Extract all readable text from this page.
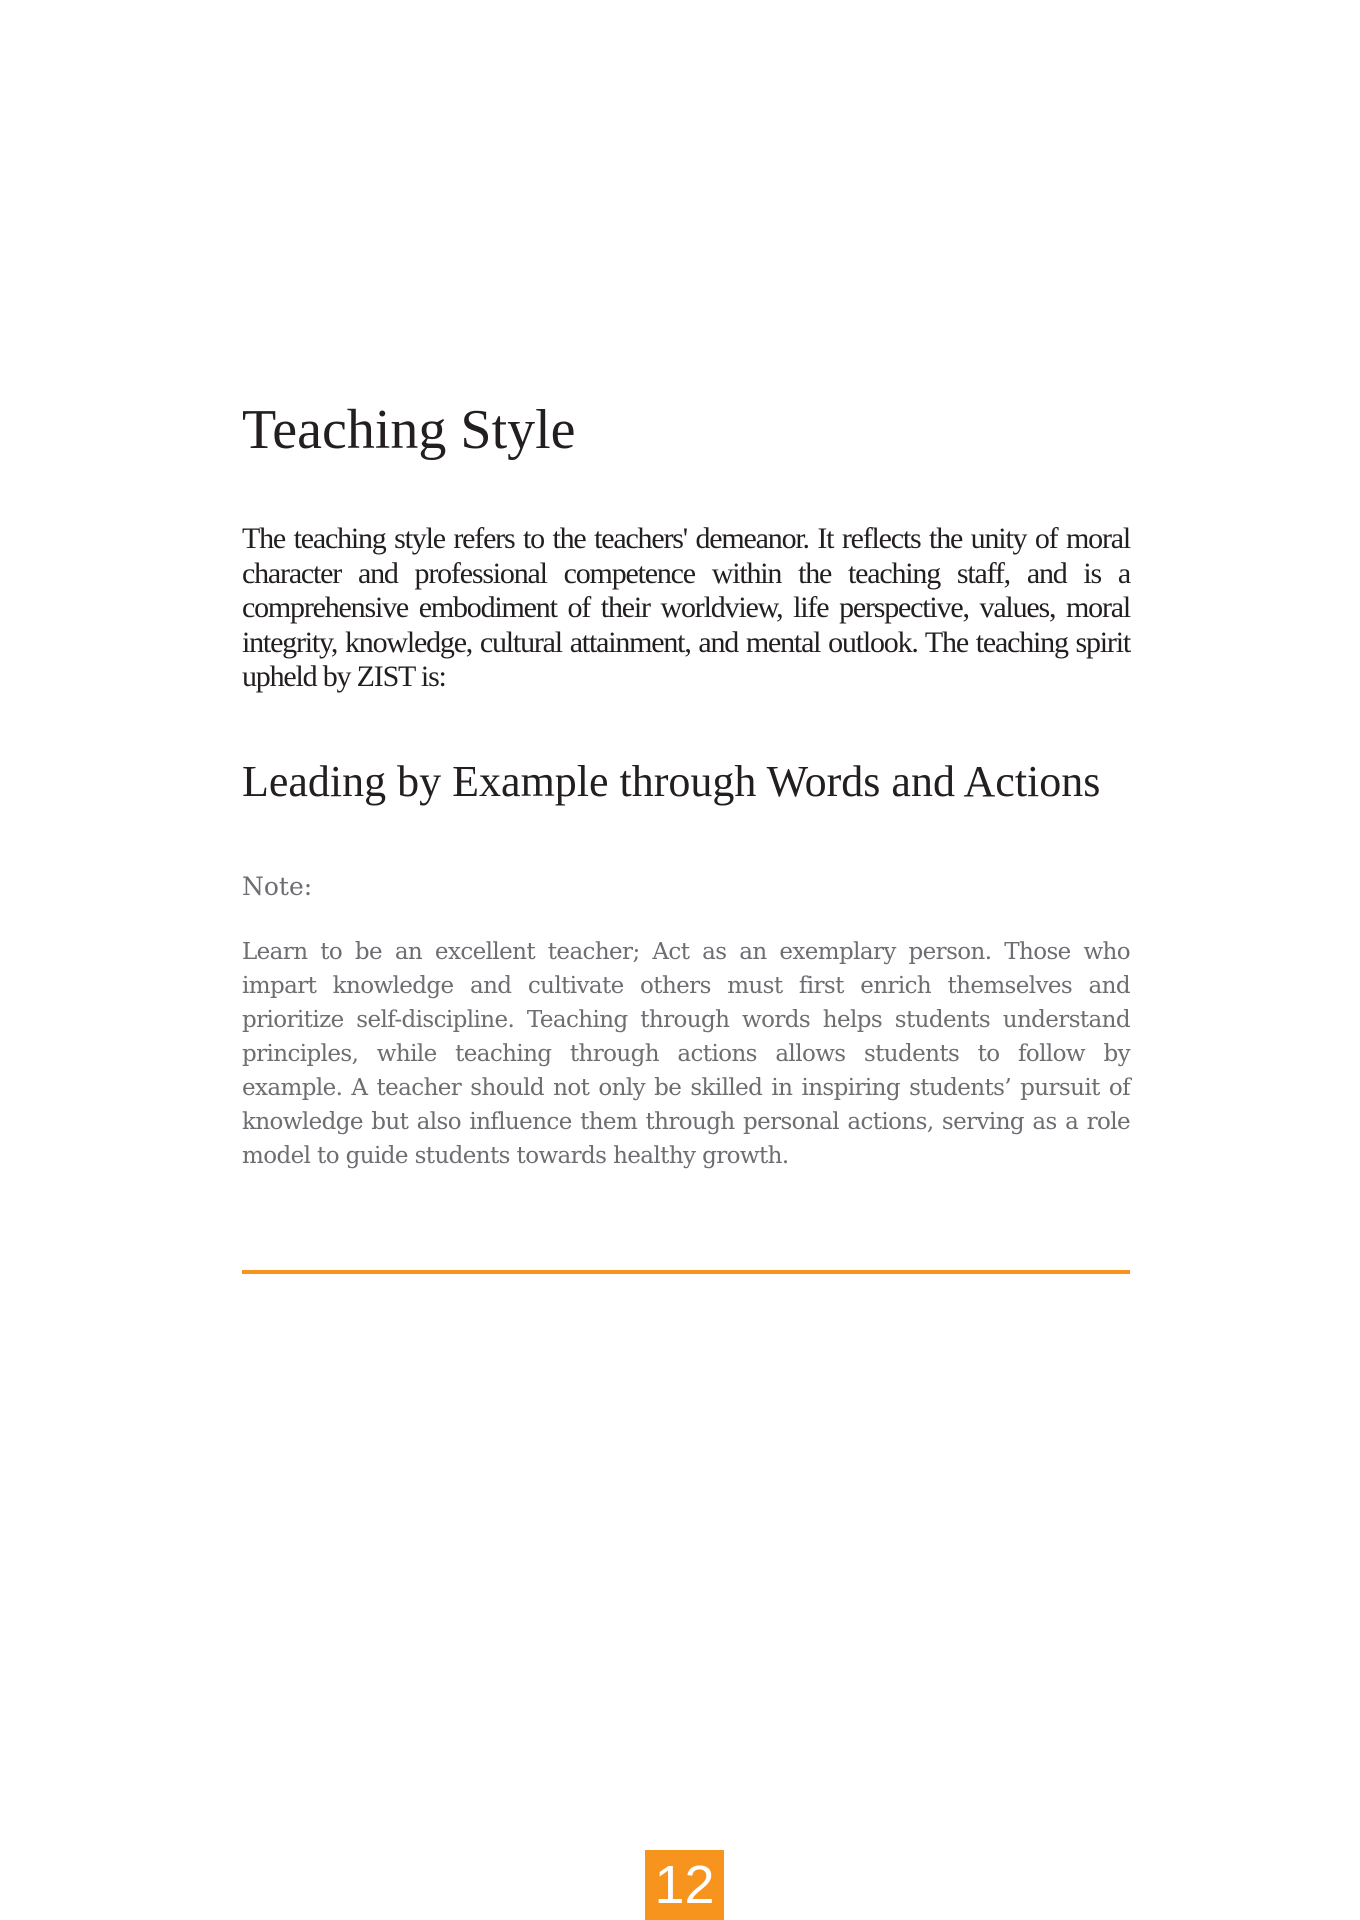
Teaching Style

The teaching style refers to the teachers' demeanor. It reflects the unity of moral character and professional competence within the teaching staff, and is a comprehensive embodiment of their worldview, life perspective, values, moral integrity, knowledge, cultural attainment, and mental outlook. The teaching spirit upheld by ZIST is:

Leading by Example through Words and Actions

Note:

Learn to be an excellent teacher; Act as an exemplary person. Those who impart knowledge and cultivate others must first enrich themselves and prioritize self-discipline. Teaching through words helps students understand principles, while teaching through actions allows students to follow by example. A teacher should not only be skilled in inspiring students’ pursuit of knowledge but also influence them through personal actions, serving as a role model to guide students towards healthy growth.

12
